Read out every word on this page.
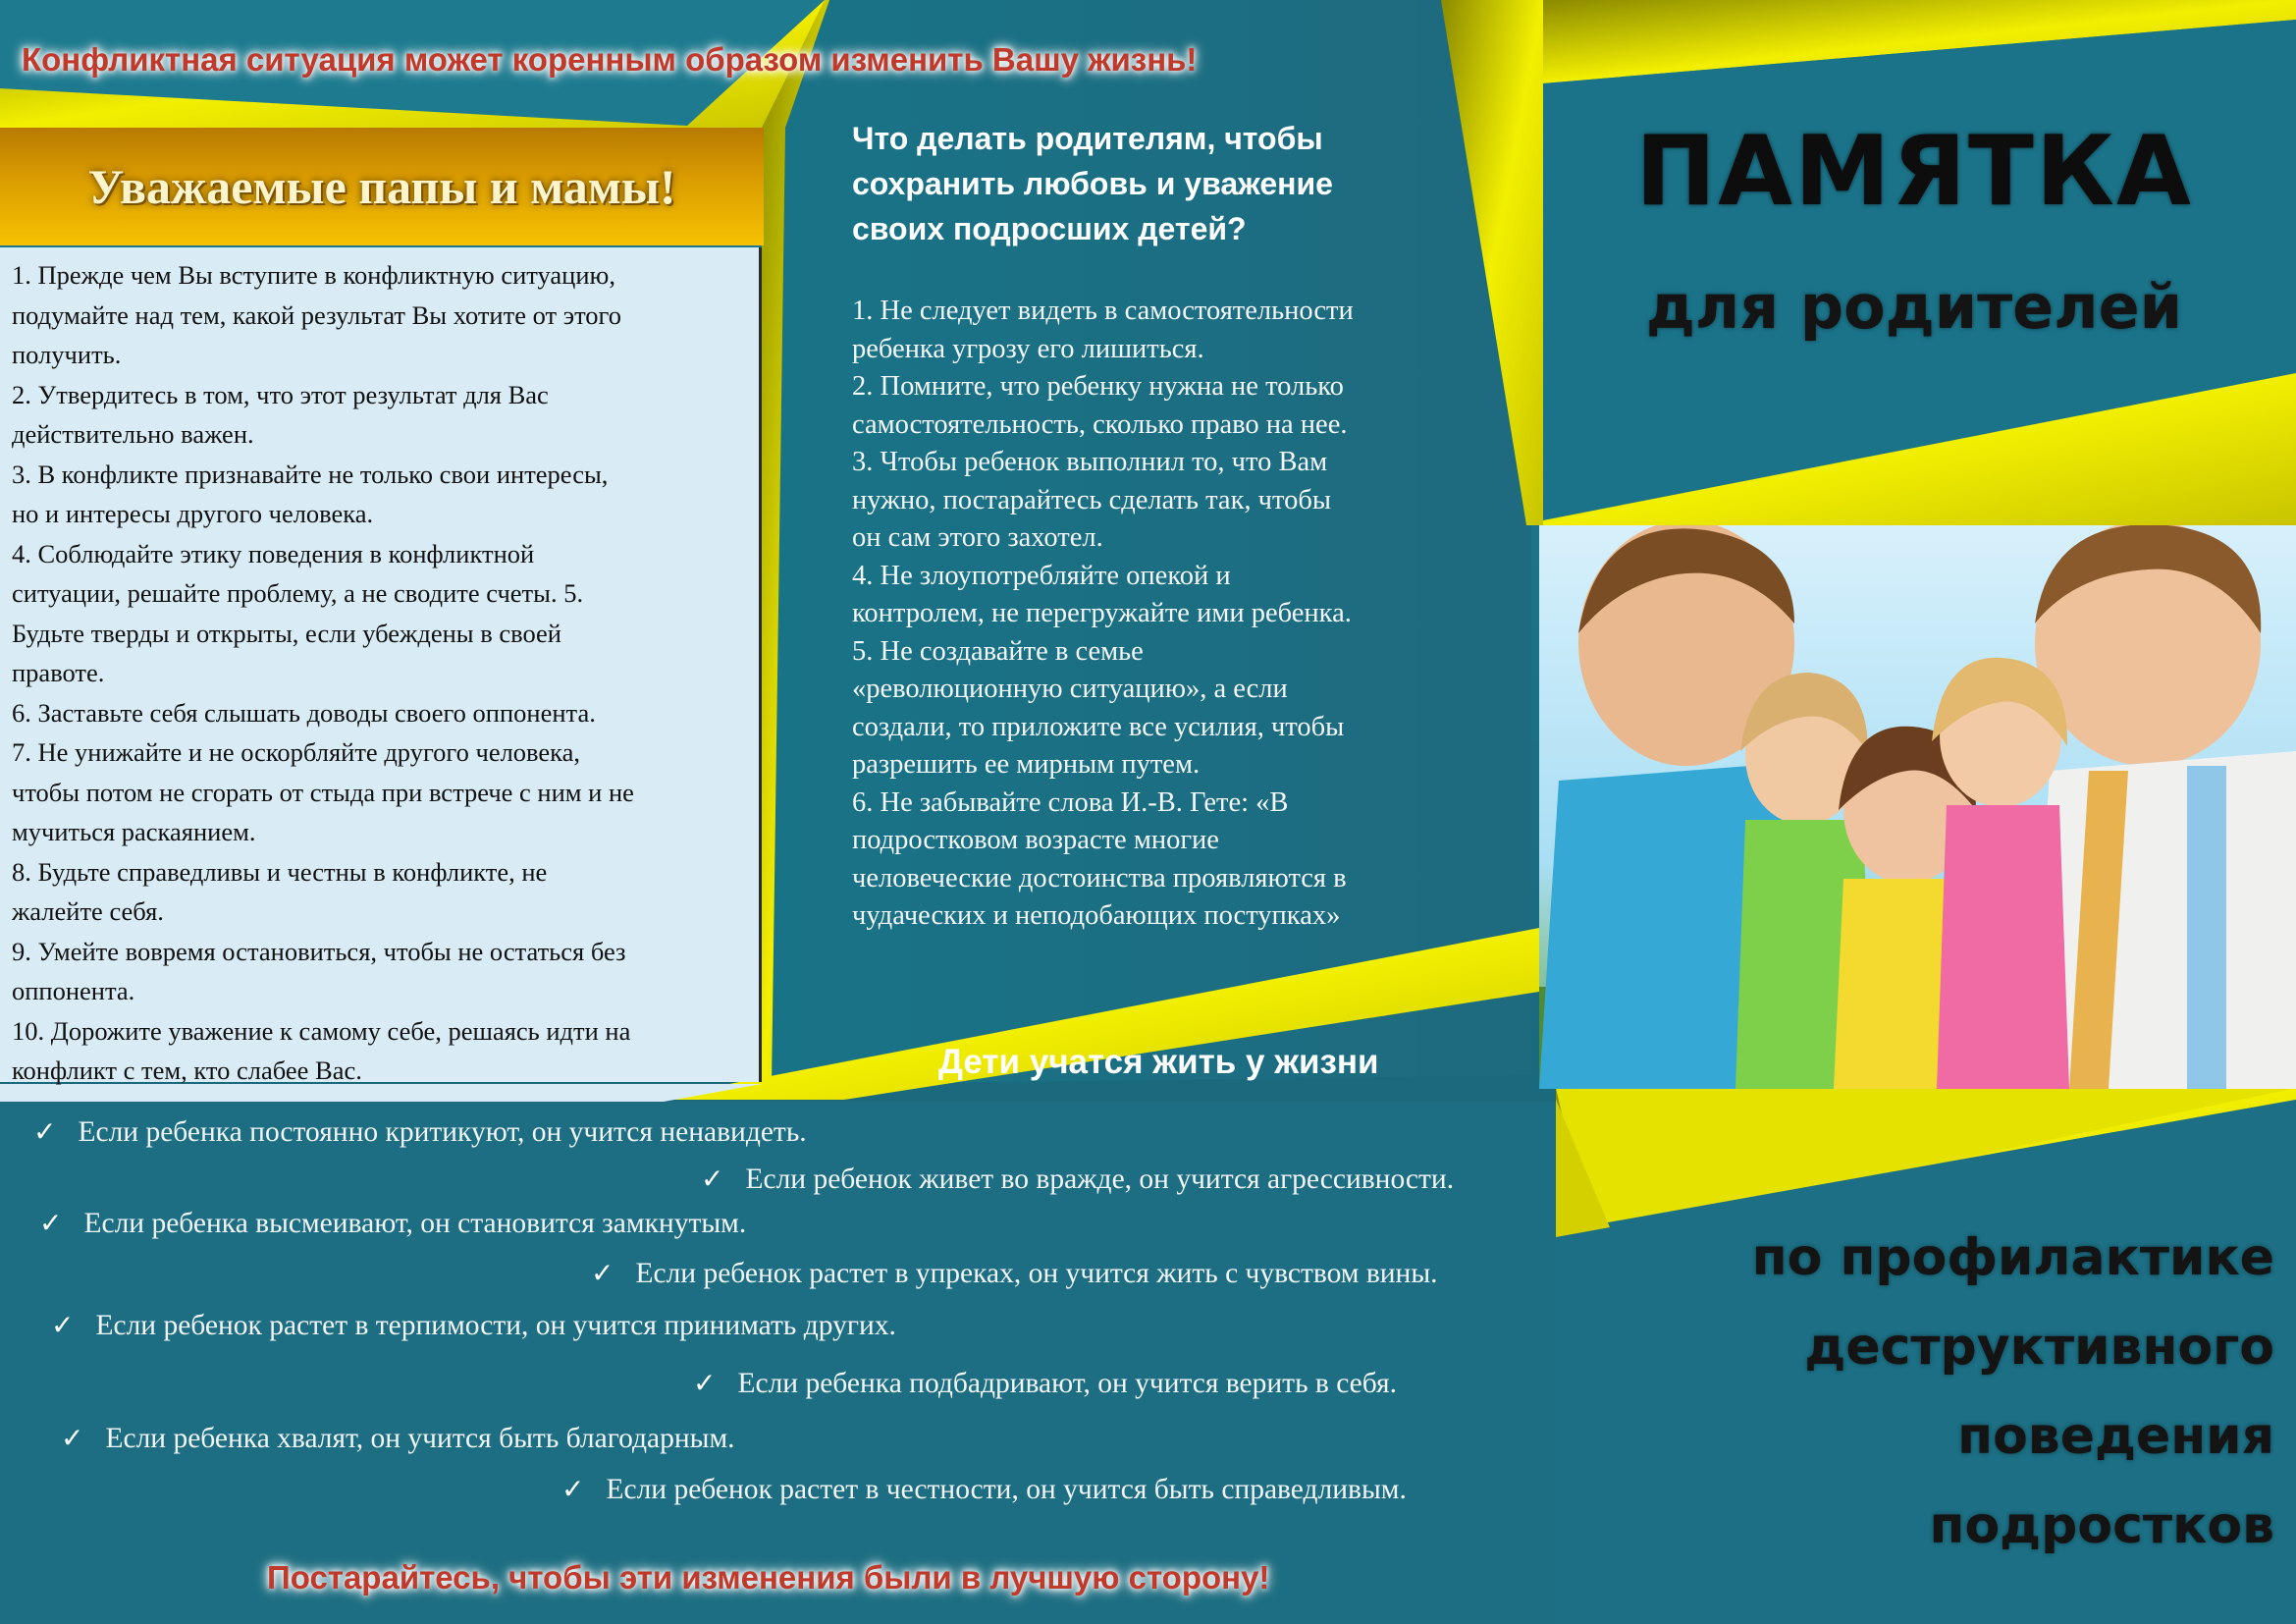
Конфликтная ситуация может коренным образом изменить Вашу жизнь!
Уважаемые папы и мамы!

1. Прежде чем Вы вступите в конфликтную ситуацию,

подумайте над тем, какой результат Вы хотите от этого

получить.

2. Утвердитесь в том, что этот результат для Вас

действительно важен.

3. В конфликте признавайте не только свои интересы,

но и интересы другого человека.

4. Соблюдайте этику поведения в конфликтной

ситуации, решайте проблему, а не сводите счеты. 5.

Будьте тверды и открыты, если убеждены в своей

правоте.

6. Заставьте себя слышать доводы своего оппонента.

7. Не унижайте и не оскорбляйте другого человека,

чтобы потом не сгорать от стыда при встрече с ним и не

мучиться раскаянием.

8. Будьте справедливы и честны в конфликте, не

жалейте себя.

9. Умейте вовремя остановиться, чтобы не остаться без

оппонента.

10. Дорожите уважение к самому себе, решаясь идти на

конфликт с тем, кто слабее Вас.

Что делать родителям, чтобы
сохранить любовь и уважение
своих подросших детей?

1. Не следует видеть в самостоятельности

ребенка угрозу его лишиться.

2. Помните, что ребенку нужна не только

самостоятельность, сколько право на нее.

3. Чтобы ребенок выполнил то, что Вам

нужно, постарайтесь сделать так, чтобы

он сам этого захотел.

4. Не злоупотребляйте опекой и

контролем, не перегружайте ими ребенка.

5. Не создавайте в семье

«революционную ситуацию», а если

создали, то приложите все усилия, чтобы

разрешить ее мирным путем.

6. Не забывайте слова И.-В. Гете: «В

подростковом возрасте многие

человеческие достоинства проявляются в

чудаческих и неподобающих поступках»

Дети учатся жить у жизни
✓ Если ребенка постоянно критикуют, он учится ненавидеть.
✓ Если ребенок живет во вражде, он учится агрессивности.
✓ Если ребенка высмеивают, он становится замкнутым.
✓ Если ребенок растет в упреках, он учится жить с чувством вины.
✓ Если ребенок растет в терпимости, он учится принимать других.
✓ Если ребенка подбадривают, он учится верить в себя.
✓ Если ребенка хвалят, он учится быть благодарным.
✓ Если ребенок растет в честности, он учится быть справедливым.
Постарайтесь, чтобы эти изменения были в лучшую сторону!
ПАМЯТКА
для родителей
по профилактике
деструктивного
поведения
подростков
